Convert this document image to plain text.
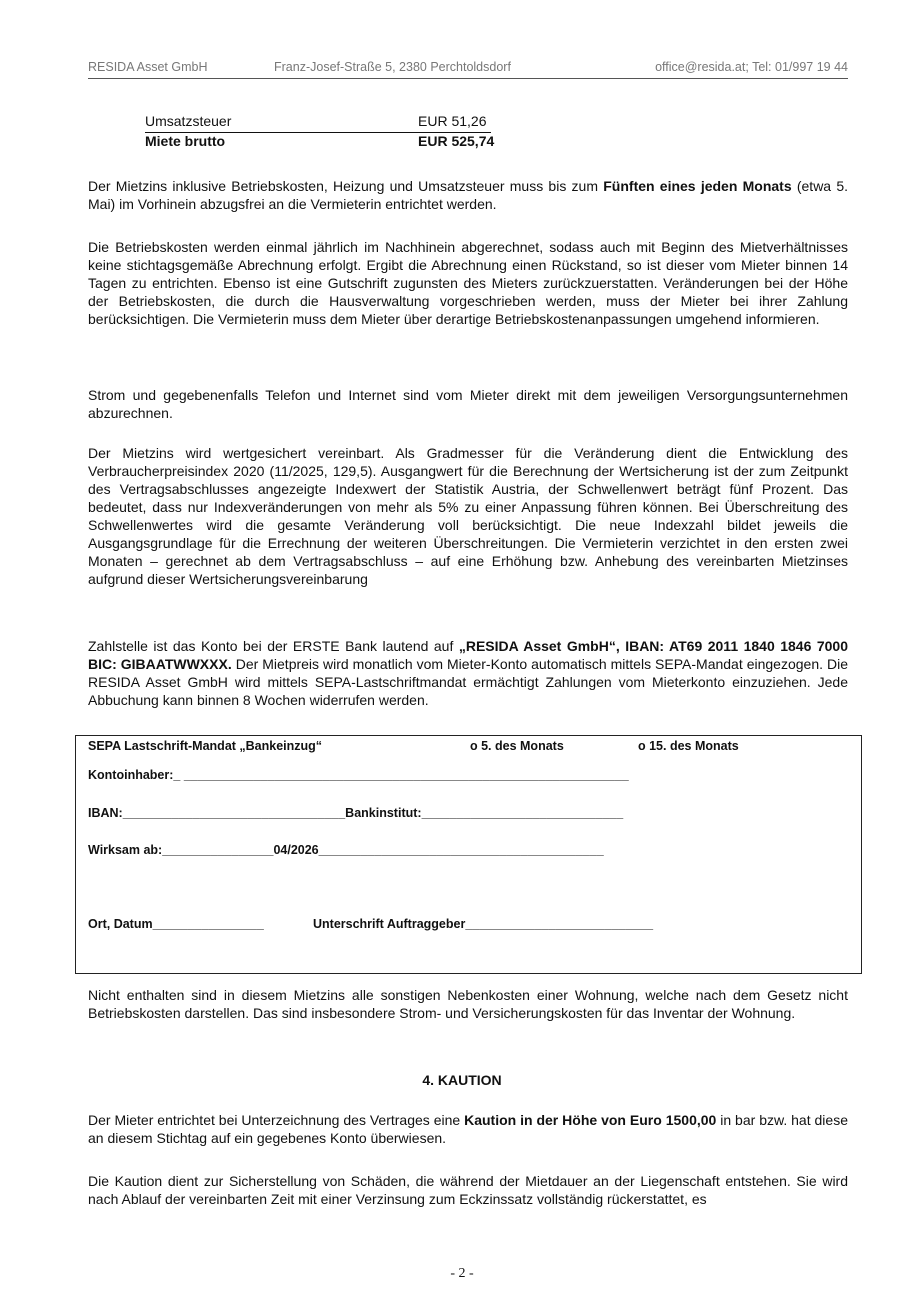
RESIDA Asset GmbH	Franz-Josef-Straße 5, 2380 Perchtoldsdorf	office@resida.at; Tel: 01/997 19 44
Umsatzsteuer	EUR 51,26
Miete brutto	EUR 525,74

Der Mietzins inklusive Betriebskosten, Heizung und Umsatzsteuer muss bis zum Fünften eines jeden Monats (etwa 5. Mai) im Vorhinein abzugsfrei an die Vermieterin entrichtet werden.

Die Betriebskosten werden einmal jährlich im Nachhinein abgerechnet, sodass auch mit Beginn des Mietverhältnisses keine stichtagsgemäße Abrechnung erfolgt. Ergibt die Abrechnung einen Rückstand, so ist dieser vom Mieter binnen 14 Tagen zu entrichten. Ebenso ist eine Gutschrift zugunsten des Mieters zurückzuerstatten. Veränderungen bei der Höhe der Betriebskosten, die durch die Hausverwaltung vorgeschrieben werden, muss der Mieter bei ihrer Zahlung berücksichtigen. Die Vermieterin muss dem Mieter über derartige Betriebskostenanpassungen umgehend informieren.

Strom und gegebenenfalls Telefon und Internet sind vom Mieter direkt mit dem jeweiligen Versorgungsunternehmen abzurechnen.

Der Mietzins wird wertgesichert vereinbart. Als Gradmesser für die Veränderung dient die Entwicklung des Verbraucherpreisindex 2020 (11/2025, 129,5). Ausgangwert für die Berechnung der Wertsicherung ist der zum Zeitpunkt des Vertragsabschlusses angezeigte Indexwert der Statistik Austria, der Schwellenwert beträgt fünf Prozent. Das bedeutet, dass nur Indexveränderungen von mehr als 5% zu einer Anpassung führen können. Bei Überschreitung des Schwellenwertes wird die gesamte Veränderung voll berücksichtigt. Die neue Indexzahl bildet jeweils die Ausgangsgrundlage für die Errechnung der weiteren Überschreitungen. Die Vermieterin verzichtet in den ersten zwei Monaten – gerechnet ab dem Vertragsabschluss – auf eine Erhöhung bzw. Anhebung des vereinbarten Mietzinses aufgrund dieser Wertsicherungsvereinbarung

Zahlstelle ist das Konto bei der ERSTE Bank lautend auf „RESIDA Asset GmbH“, IBAN: AT69 2011 1840 1846 7000 BIC: GIBAATWWXXX. Der Mietpreis wird monatlich vom Mieter-Konto automatisch mittels SEPA-Mandat eingezogen. Die RESIDA Asset GmbH wird mittels SEPA-Lastschriftmandat ermächtigt Zahlungen vom Mieterkonto einzuziehen. Jede Abbuchung kann binnen 8 Wochen widerrufen werden.

SEPA Lastschrift-Mandat „Bankeinzug“	o 5. des Monats	o 15. des Monats
Kontoinhaber:_ ________________________________________________________________
IBAN:________________________________Bankinstitut:_____________________________
Wirksam ab:________________04/2026_________________________________________
Ort, Datum________________	Unterschrift Auftraggeber___________________________

Nicht enthalten sind in diesem Mietzins alle sonstigen Nebenkosten einer Wohnung, welche nach dem Gesetz nicht Betriebskosten darstellen. Das sind insbesondere Strom- und Versicherungskosten für das Inventar der Wohnung.

4. KAUTION

Der Mieter entrichtet bei Unterzeichnung des Vertrages eine Kaution in der Höhe von Euro 1500,00 in bar bzw. hat diese an diesem Stichtag auf ein gegebenes Konto überwiesen.

Die Kaution dient zur Sicherstellung von Schäden, die während der Mietdauer an der Liegenschaft entstehen. Sie wird nach Ablauf der vereinbarten Zeit mit einer Verzinsung zum Eckzinssatz vollständig rückerstattet, es

- 2 -
